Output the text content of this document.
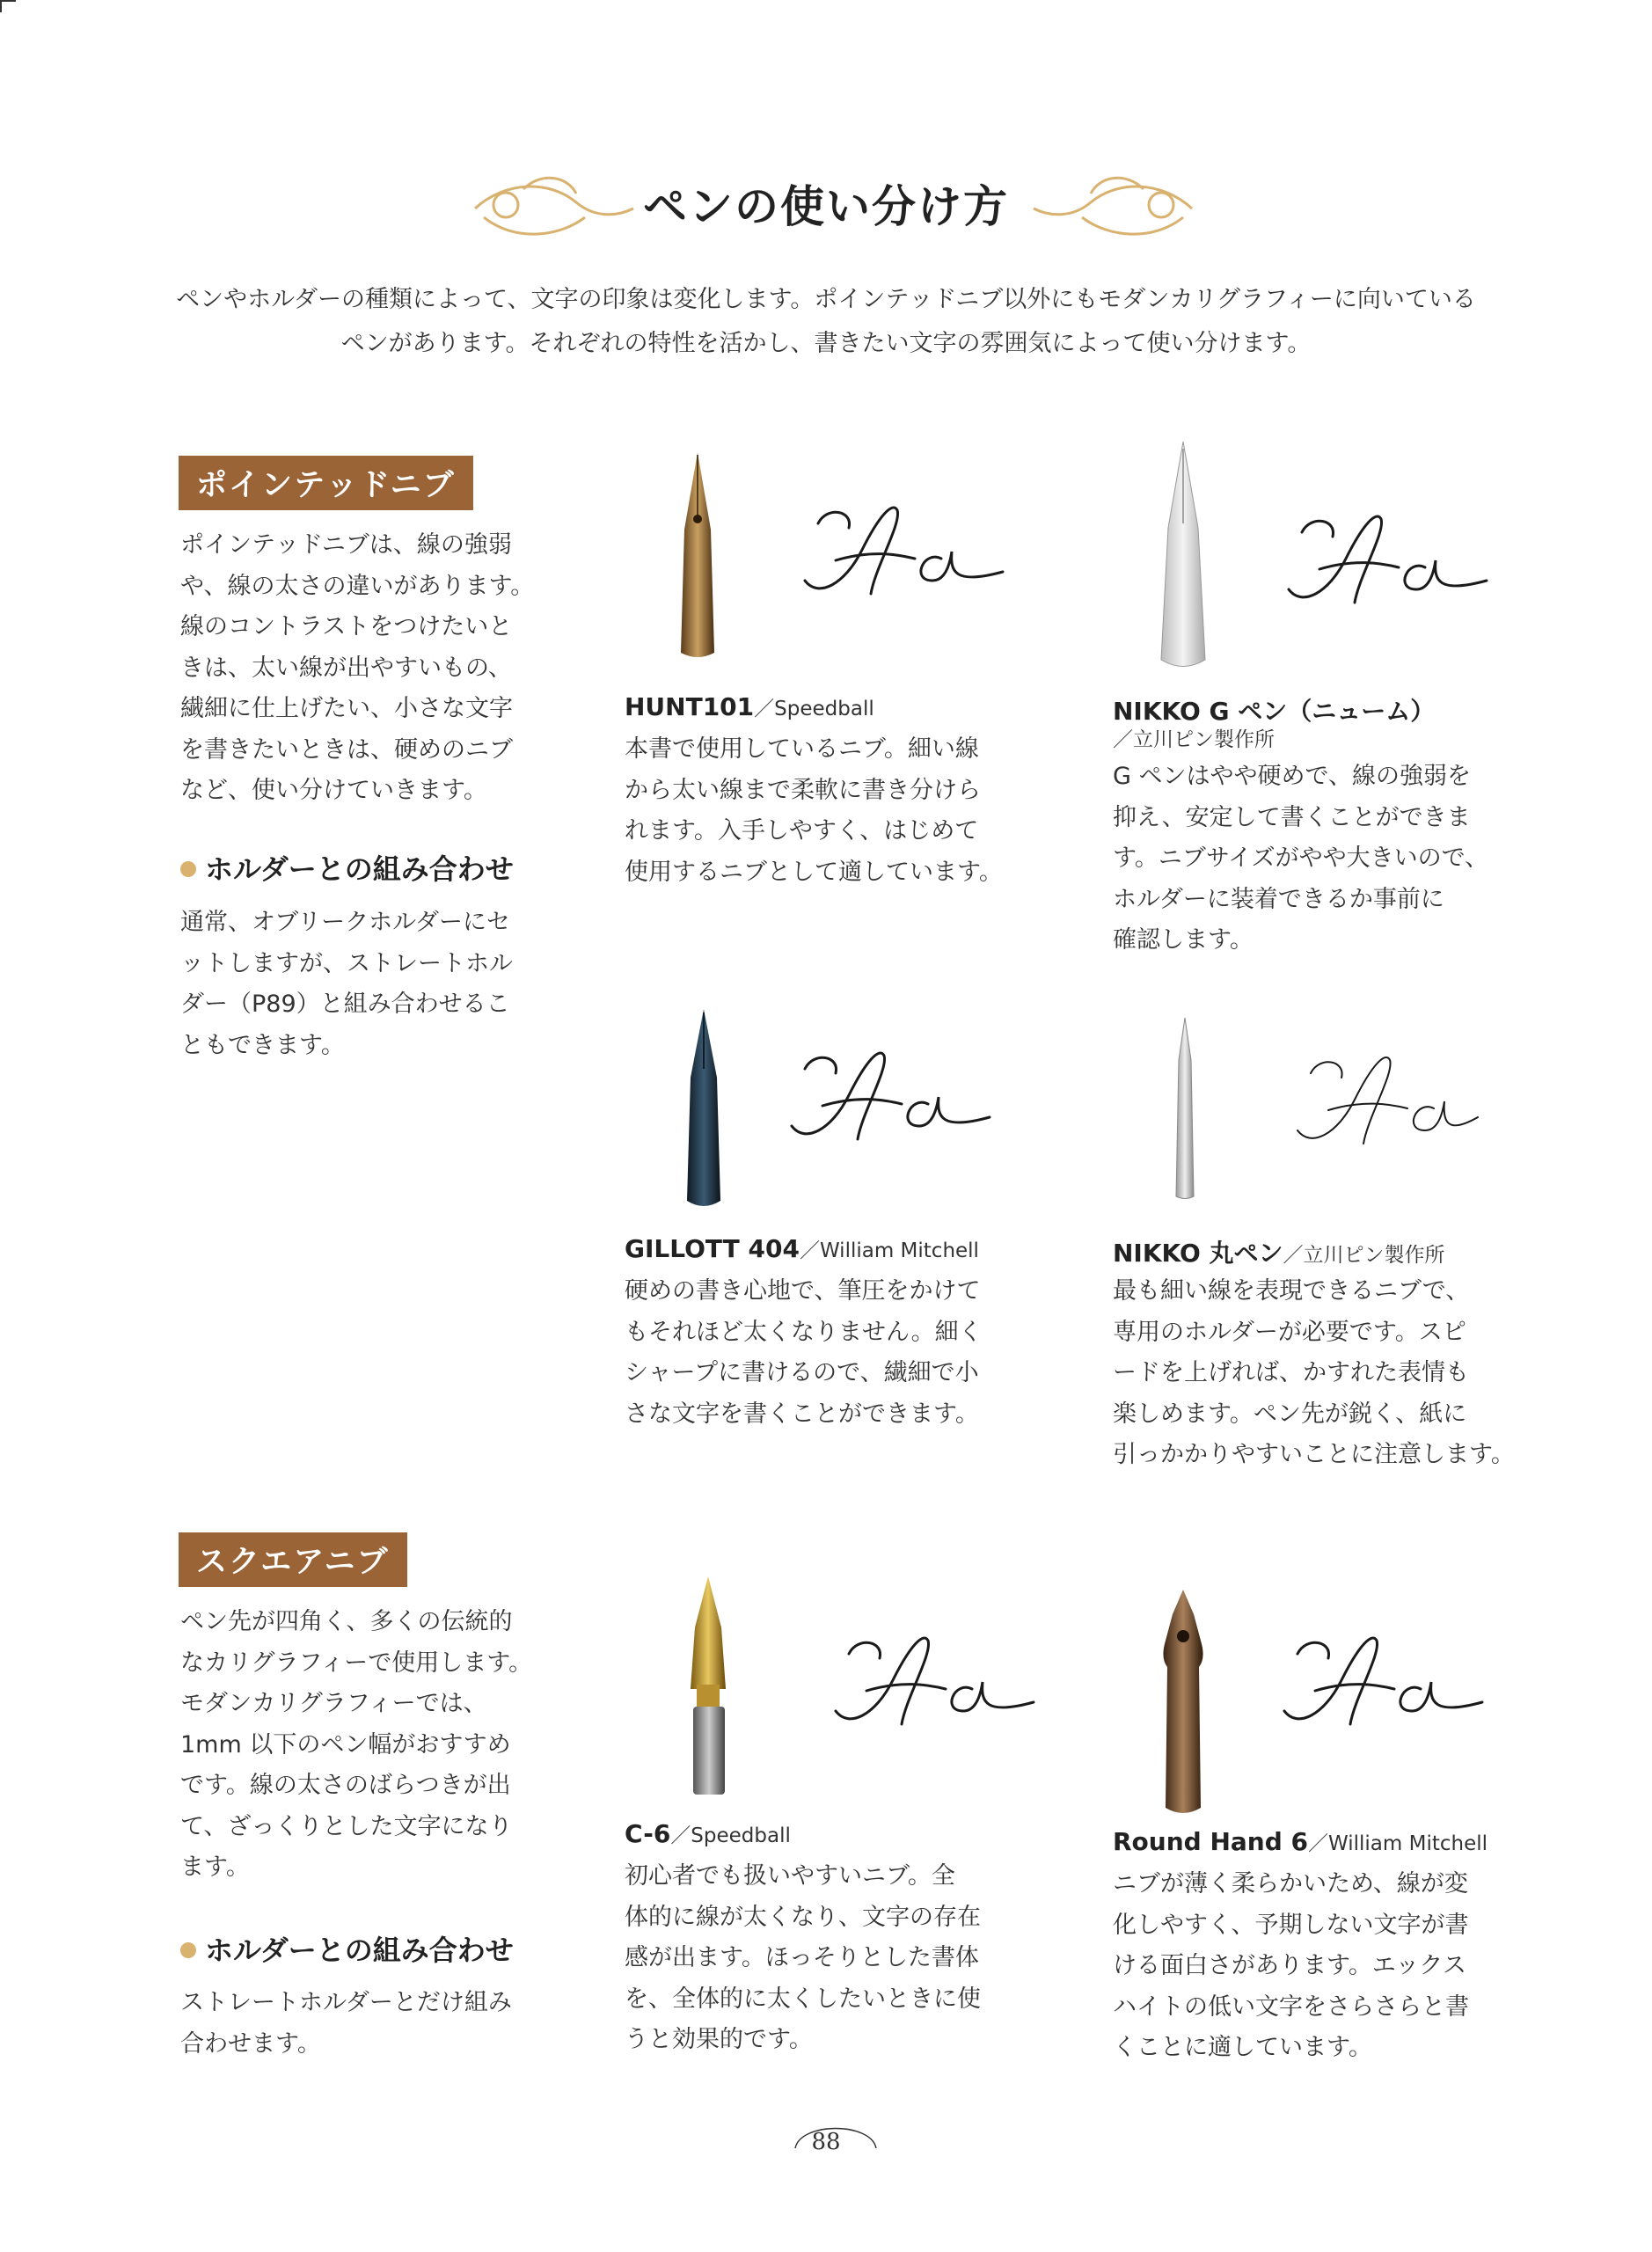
ペンの使い分け方
ペンやホルダーの種類によって、文字の印象は変化します。ポインテッドニブ以外にもモダンカリグラフィーに向いている
ペンがあります。それぞれの特性を活かし、書きたい文字の雰囲気によって使い分けます。
ポインテッドニブ
ポインテッドニブは、線の強弱
や、線の太さの違いがあります。
線のコントラストをつけたいと
きは、太い線が出やすいもの、
繊細に仕上げたい、小さな文字
を書きたいときは、硬めのニブ
など、使い分けていきます。
ホルダーとの組み合わせ
通常、オブリークホルダーにセ
ットしますが、ストレートホル
ダー（P89）と組み合わせるこ
ともできます。
スクエアニブ
ペン先が四角く、多くの伝統的
なカリグラフィーで使用します。
モダンカリグラフィーでは、
1mm 以下のペン幅がおすすめ
です。線の太さのばらつきが出
て、ざっくりとした文字になり
ます。
ホルダーとの組み合わせ
ストレートホルダーとだけ組み
合わせます。
HUNT101／Speedball
本書で使用しているニブ。細い線
から太い線まで柔軟に書き分けら
れます。入手しやすく、はじめて
使用するニブとして適しています。
NIKKO G ペン（ニューム）
／立川ピン製作所
G ペンはやや硬めで、線の強弱を
抑え、安定して書くことができま
す。ニブサイズがやや大きいので、
ホルダーに装着できるか事前に
確認します。
GILLOTT 404／William Mitchell
硬めの書き心地で、筆圧をかけて
もそれほど太くなりません。細く
シャープに書けるので、繊細で小
さな文字を書くことができます。
NIKKO 丸ペン／立川ピン製作所
最も細い線を表現できるニブで、
専用のホルダーが必要です。スピ
ードを上げれば、かすれた表情も
楽しめます。ペン先が鋭く、紙に
引っかかりやすいことに注意します。
C-6／Speedball
初心者でも扱いやすいニブ。全
体的に線が太くなり、文字の存在
感が出ます。ほっそりとした書体
を、全体的に太くしたいときに使
うと効果的です。
Round Hand 6／William Mitchell
ニブが薄く柔らかいため、線が変
化しやすく、予期しない文字が書
ける面白さがあります。エックス
ハイトの低い文字をさらさらと書
くことに適しています。
88
